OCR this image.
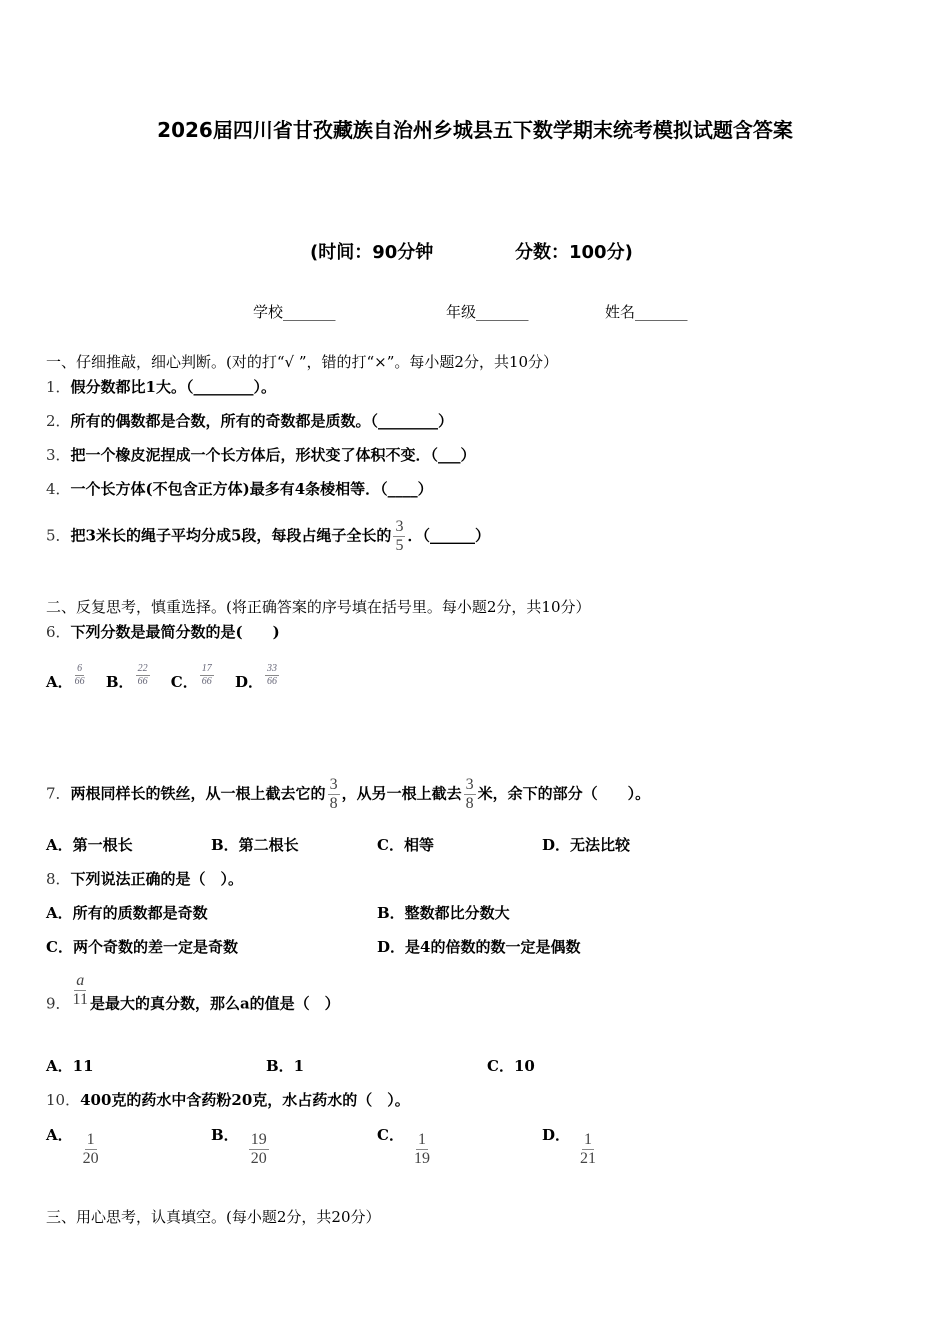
2026届四川省甘孜藏族自治州乡城县五下数学期末统考模拟试题含答案
(时间：90分钟	分数：100分)
学校_______	年级_______	姓名_______
一、仔细推敲，细心判断。(对的打“√ ”，错的打“×”。每小题2分，共10分）
1．假分数都比1大。（________）。
2．所有的偶数都是合数，所有的奇数都是质数。（________）
3．把一个橡皮泥捏成一个长方体后，形状变了体积不变．（___）
4．一个长方体(不包含正方体)最多有4条棱相等．（____）
5．把3米长的绳子平均分成5段，每段占绳子全长的 $\frac{3}{5}$ ．（______）
二、反复思考，慎重选择。(将正确答案的序号填在括号里。每小题2分，共10分）
6．下列分数是最简分数的是(　　)
A． $\frac{6}{66}$ B． $\frac{22}{66}$ C． $\frac{17}{66}$ D． $\frac{33}{66}$
7．两根同样长的铁丝，从一根上截去它的 $\frac{3}{8}$ ，从另一根上截去 $\frac{3}{8}$ 米，余下的部分（　　）。
A．第一根长	B．第二根长	C．相等	D．无法比较
8．下列说法正确的是（　）。
A．所有的质数都是奇数	B．整数都比分数大
C．两个奇数的差一定是奇数	D．是4的倍数的数一定是偶数
9． $\frac{a}{11}$ 是最大的真分数，那么a的值是（　）
A．11	B．1	C．10
10．400克的药水中含药粉20克，水占药水的（　）。
A． $\frac{1}{20}$	B． $\frac{19}{20}$	C． $\frac{1}{19}$	D． $\frac{1}{21}$
三、用心思考，认真填空。(每小题2分，共20分）
